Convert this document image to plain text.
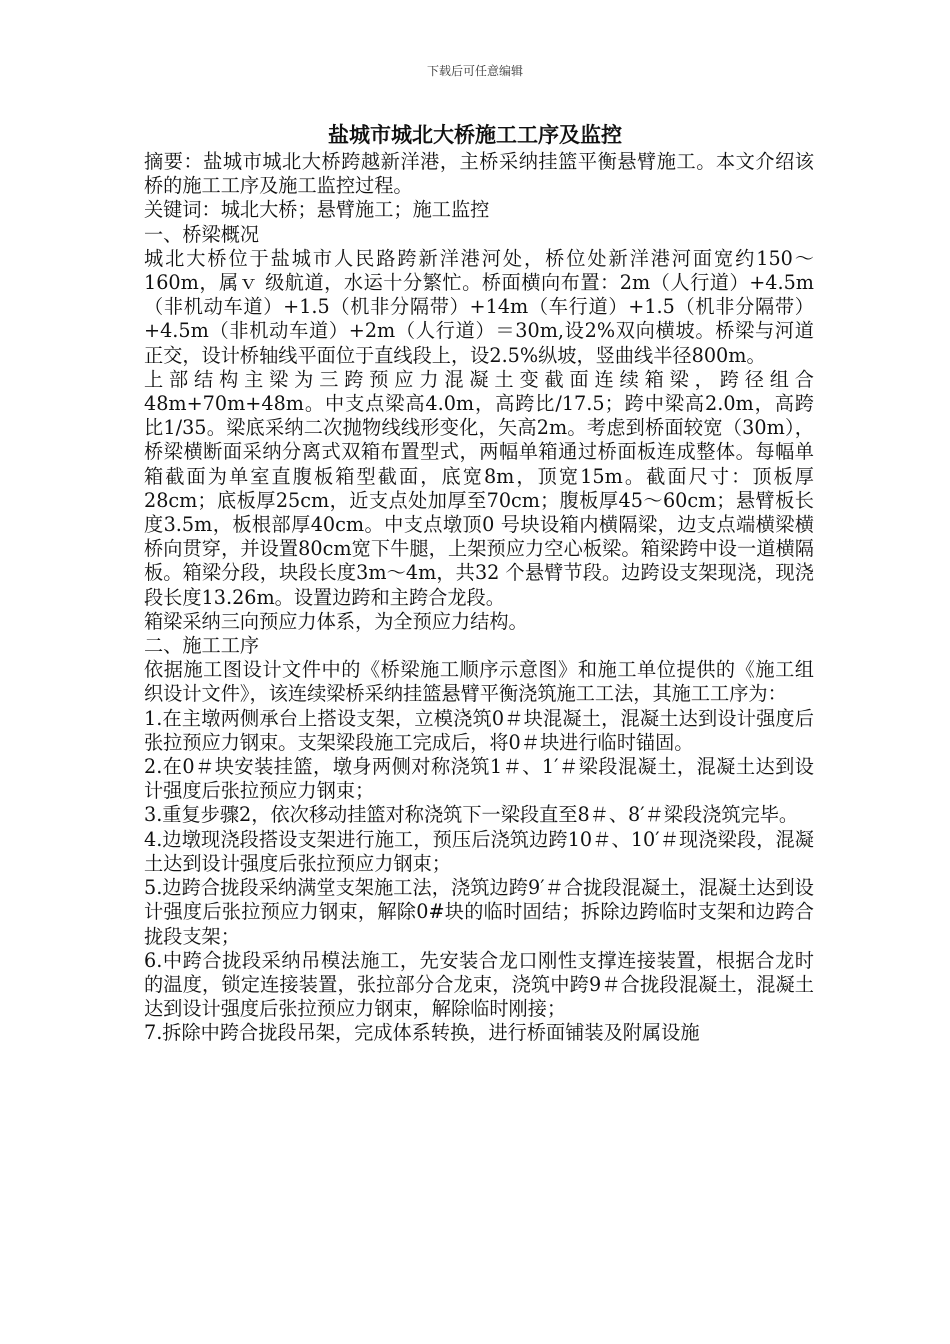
下载后可任意编辑
盐城市城北大桥施工工序及监控

摘要：盐城市城北大桥跨越新洋港，主桥采纳挂篮平衡悬臂施工。本文介绍该桥的施工工序及施工监控过程。

关键词：城北大桥；悬臂施工；施工监控

一、桥梁概况

城北大桥位于盐城市人民路跨新洋港河处，桥位处新洋港河面宽约150～160m，属ｖ 级航道，水运十分繁忙。桥面横向布置：2m（人行道）+4.5m（非机动车道）+1.5（机非分隔带）+14m（车行道）+1.5（机非分隔带）+4.5m（非机动车道）+2m（人行道）＝30m,设2%双向横坡。桥梁与河道正交，设计桥轴线平面位于直线段上，设2.5%纵坡，竖曲线半径800m。

上部结构主梁为三跨预应力混凝土变截面连续箱梁，跨径组合48m+70m+48m。中支点梁高4.0m，高跨比/17.5；跨中梁高2.0m，高跨比1/35。梁底采纳二次抛物线线形变化，矢高2m。考虑到桥面较宽（30m），桥梁横断面采纳分离式双箱布置型式，两幅单箱通过桥面板连成整体。每幅单箱截面为单室直腹板箱型截面，底宽8m，顶宽15m。截面尺寸：顶板厚28cm；底板厚25cm，近支点处加厚至70cm；腹板厚45～60cm；悬臂板长度3.5m，板根部厚40cm。中支点墩顶0 号块设箱内横隔梁，边支点端横梁横桥向贯穿，并设置80cm宽下牛腿，上架预应力空心板梁。箱梁跨中设一道横隔板。箱梁分段，块段长度3m～4m，共32 个悬臂节段。边跨设支架现浇，现浇段长度13.26m。设置边跨和主跨合龙段。

箱梁采纳三向预应力体系，为全预应力结构。

二、施工工序

依据施工图设计文件中的《桥梁施工顺序示意图》和施工单位提供的《施工组织设计文件》，该连续梁桥采纳挂篮悬臂平衡浇筑施工工法，其施工工序为：

1.在主墩两侧承台上搭设支架，立模浇筑0＃块混凝土，混凝土达到设计强度后张拉预应力钢束。支架梁段施工完成后，将0＃块进行临时锚固。

2.在0＃块安装挂篮，墩身两侧对称浇筑1＃、1′＃梁段混凝土，混凝土达到设计强度后张拉预应力钢束；

3.重复步骤2，依次移动挂篮对称浇筑下一梁段直至8＃、8′＃梁段浇筑完毕。

4.边墩现浇段搭设支架进行施工，预压后浇筑边跨10＃、10′＃现浇梁段，混凝土达到设计强度后张拉预应力钢束；

5.边跨合拢段采纳满堂支架施工法，浇筑边跨9′＃合拢段混凝土，混凝土达到设计强度后张拉预应力钢束，解除0#块的临时固结；拆除边跨临时支架和边跨合拢段支架；

6.中跨合拢段采纳吊模法施工，先安装合龙口刚性支撑连接装置，根据合龙时的温度，锁定连接装置，张拉部分合龙束，浇筑中跨9＃合拢段混凝土，混凝土达到设计强度后张拉预应力钢束，解除临时刚接；

7.拆除中跨合拢段吊架，完成体系转换，进行桥面铺装及附属设施
